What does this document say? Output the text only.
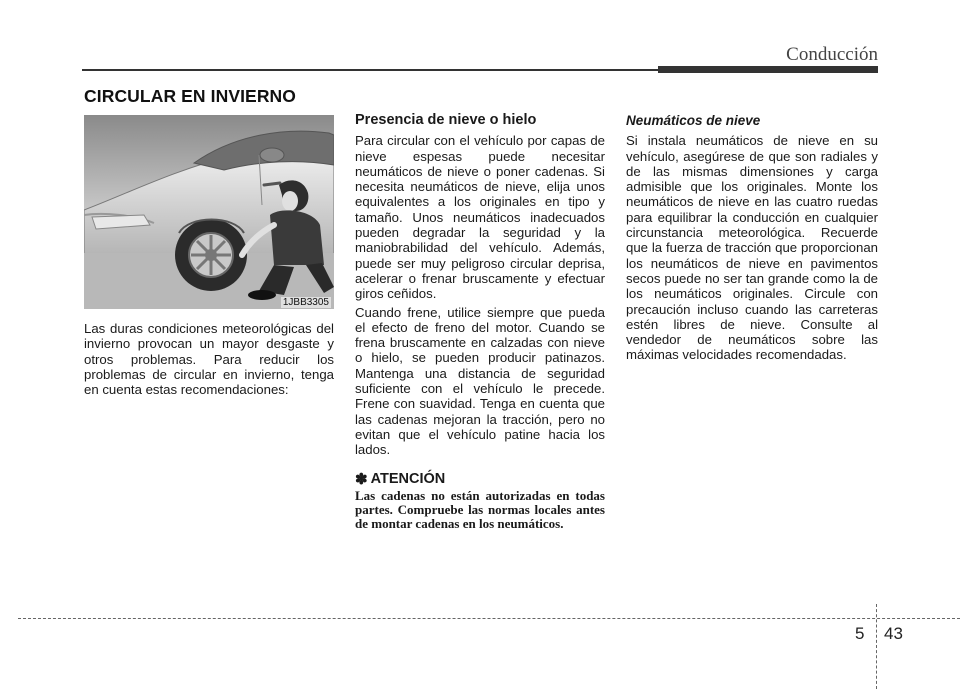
Conducción
CIRCULAR EN INVIERNO
1JBB3305

Las duras condiciones meteorológicas del invierno provocan un mayor desgaste y otros problemas. Para reducir los problemas de circular en invierno, tenga en cuenta estas recomendaciones:

Presencia de nieve o hielo

Para circular con el vehículo por capas de nieve espesas puede necesitar neumáticos de nieve o poner cadenas. Si necesita neumáticos de nieve, elija unos equivalentes a los originales en tipo y tamaño. Unos neumáticos inadecuados pueden degradar la seguridad y la maniobrabilidad del vehículo. Además, puede ser muy peligroso circular deprisa, acelerar o frenar bruscamente y efectuar giros ceñidos.

Cuando frene, utilice siempre que pueda el efecto de freno del motor. Cuando se frena bruscamente en calzadas con nieve o hielo, se pueden producir patinazos. Mantenga una distancia de seguridad suficiente con el vehículo le precede. Frene con suavidad. Tenga en cuenta que las cadenas mejoran la tracción, pero no evitan que el vehículo patine hacia los lados.

✽ ATENCIÓN
Las cadenas no están autorizadas en todas partes. Compruebe las normas locales antes de montar cadenas en los neumáticos.
Neumáticos de nieve

Si instala neumáticos de nieve en su vehículo, asegúrese de que son radiales y de las mismas dimensiones y carga admisible que los originales. Monte los neumáticos de nieve en las cuatro ruedas para equilibrar la conducción en cualquier circunstancia meteorológica. Recuerde que la fuerza de tracción que proporcionan los neumáticos de nieve en pavimentos secos puede no ser tan grande como la de los neumáticos originales. Circule con precaución incluso cuando las carreteras estén libres de nieve. Consulte al vendedor de neumáticos sobre las máximas velocidades recomendadas.

5 43
